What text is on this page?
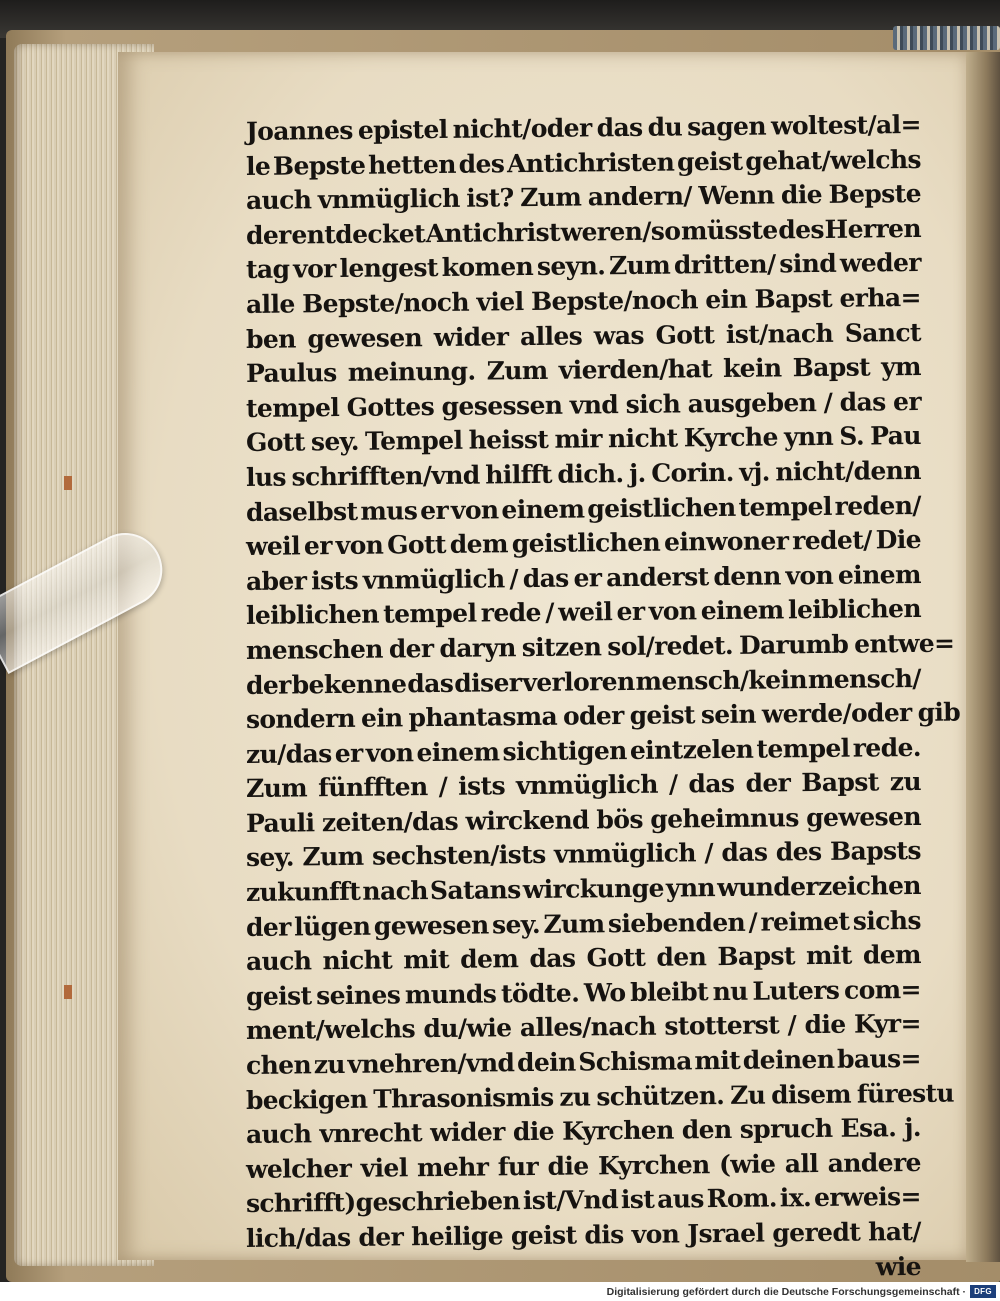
Joannes epistel nicht/oder das du sagen woltest/al=
le Bepste hetten des Antichristen geist gehat/welchs
auch vnmüglich ist? Zum andern/ Wenn die Bepste
der entdecket Antichrist weren/so müsste des Herren
tag vor lengest komen seyn. Zum dritten/ sind weder
alle Bepste/noch viel Bepste/noch ein Bapst erha=
ben gewesen wider alles was Gott ist/nach Sanct
Paulus meinung. Zum vierden/hat kein Bapst ym
tempel Gottes gesessen vnd sich ausgeben / das er
Gott sey. Tempel heisst mir nicht Kyrche ynn S. Pau
lus schrifften/vnd hilfft dich. j. Corin. vj. nicht/denn
daselbst mus er von einem geistlichen tempel reden/
weil er von Gott dem geistlichen einwoner redet/ Die
aber ists vnmüglich / das er anderst denn von einem
leiblichen tempel rede / weil er von einem leiblichen
menschen der daryn sitzen sol/redet. Darumb entwe=
der bekenne das diser verloren mensch/kein mensch/
sondern ein phantasma oder geist sein werde/oder gib
zu/das er von einem sichtigen eintzelen tempel rede.
Zum fünfften / ists vnmüglich / das der Bapst zu
Pauli zeiten/das wirckend bös geheimnus gewesen
sey. Zum sechsten/ists vnmüglich / das des Bapsts
zukunfft nach Satans wirckunge ynn wunderzeichen
der lügen gewesen sey. Zum siebenden / reimet sichs
auch nicht mit dem das Gott den Bapst mit dem
geist seines munds tödte. Wo bleibt nu Luters com=
ment/welchs du/wie alles/nach stotterst / die Kyr=
chen zu vnehren/vnd dein Schisma mit deinen baus=
beckigen Thrasonismis zu schützen. Zu disem fürestu
auch vnrecht wider die Kyrchen den spruch Esa. j.
welcher viel mehr fur die Kyrchen (wie all andere
schrifft)geschrieben ist/Vnd ist aus Rom. ix. erweis=
lich/das der heilige geist dis von Jsrael geredt hat/
wie
Digitalisierung gefördert durch die Deutsche Forschungsgemeinschaft ·	DFG
